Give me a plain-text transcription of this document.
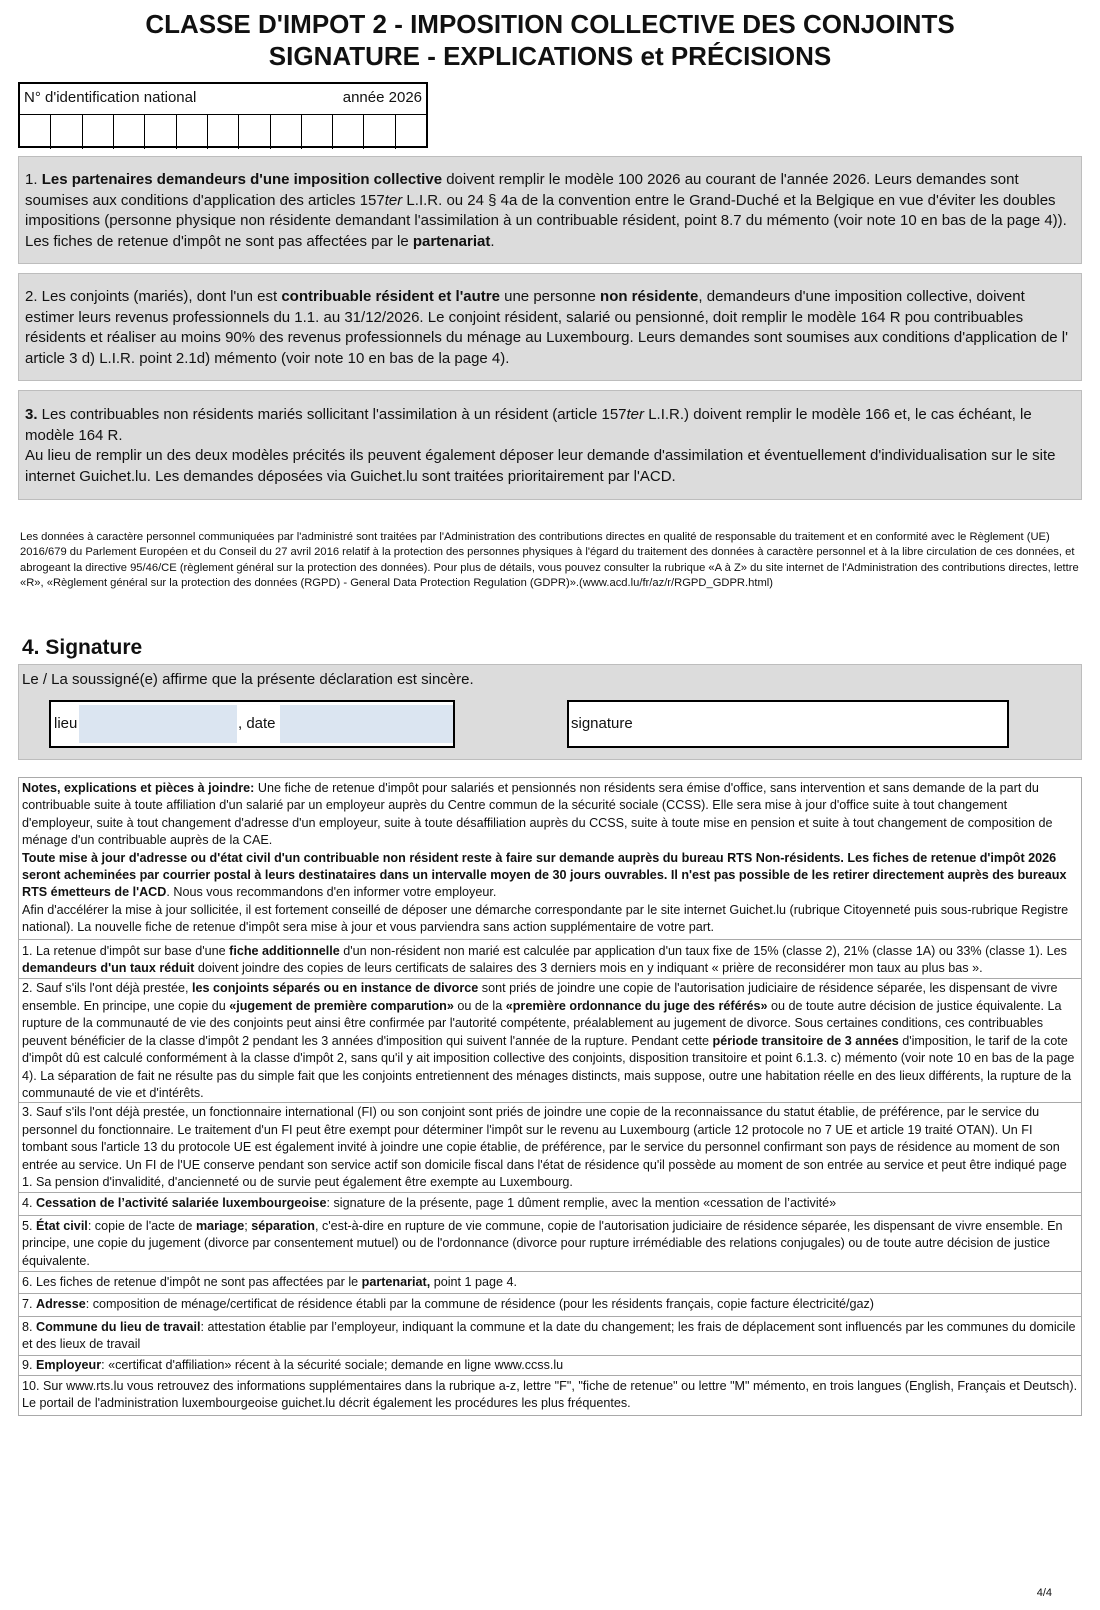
CLASSE D'IMPOT 2 - IMPOSITION COLLECTIVE DES CONJOINTS
SIGNATURE - EXPLICATIONS et PRÉCISIONS
N° d'identification national	année 2026

1. Les partenaires demandeurs d'une imposition collective doivent remplir le modèle 100 2026 au courant de l'année 2026. Leurs demandes sont soumises aux conditions d'application des articles 157ter L.I.R. ou 24 § 4a de la convention entre le Grand-Duché et la Belgique en vue d'éviter les doubles impositions (personne physique non résidente demandant l'assimilation à un contribuable résident, point 8.7 du mémento (voir note 10 en bas de la page 4)). Les fiches de retenue d'impôt ne sont pas affectées par le partenariat.

2. Les conjoints (mariés), dont l'un est contribuable résident et l'autre une personne non résidente, demandeurs d'une imposition collective, doivent estimer leurs revenus professionnels du 1.1. au 31/12/2026. Le conjoint résident, salarié ou pensionné, doit remplir le modèle 164 R pou contribuables résidents et réaliser au moins 90% des revenus professionnels du ménage au Luxembourg. Leurs demandes sont soumises aux conditions d'application de l' article 3 d) L.I.R. point 2.1d) mémento (voir note 10 en bas de la page 4).

3. Les contribuables non résidents mariés sollicitant l'assimilation à un résident (article 157ter L.I.R.) doivent remplir le modèle 166 et, le cas échéant, le modèle 164 R.

Au lieu de remplir un des deux modèles précités ils peuvent également déposer leur demande d'assimilation et éventuellement d'individualisation sur le site internet Guichet.lu. Les demandes déposées via Guichet.lu sont traitées prioritairement par l'ACD.

Les données à caractère personnel communiquées par l'administré sont traitées par l'Administration des contributions directes en qualité de responsable du traitement et en conformité avec le Règlement (UE) 2016/679 du Parlement Européen et du Conseil du 27 avril 2016 relatif à la protection des personnes physiques à l'égard du traitement des données à caractère personnel et à la libre circulation de ces données, et abrogeant la directive 95/46/CE (règlement général sur la protection des données). Pour plus de détails, vous pouvez consulter la rubrique «A à Z» du site internet de l'Administration des contributions directes, lettre «R», «Règlement général sur la protection des données (RGPD) - General Data Protection Regulation (GDPR)».(www.acd.lu/fr/az/r/RGPD_GDPR.html)
4. Signature
Le / La soussigné(e) affirme que la présente déclaration est sincère.
lieu	, date	signature

Notes, explications et pièces à joindre: Une fiche de retenue d'impôt pour salariés et pensionnés non résidents sera émise d'office, sans intervention et sans demande de la part du contribuable suite à toute affiliation d'un salarié par un employeur auprès du Centre commun de la sécurité sociale (CCSS). Elle sera mise à jour d'office suite à tout changement d'employeur, suite à tout changement d'adresse d'un employeur, suite à toute désaffiliation auprès du CCSS, suite à toute mise en pension et suite à tout changement de composition de ménage d'un contribuable auprès de la CAE.

Toute mise à jour d'adresse ou d'état civil d'un contribuable non résident reste à faire sur demande auprès du bureau RTS Non-résidents. Les fiches de retenue d'impôt 2026 seront acheminées par courrier postal à leurs destinataires dans un intervalle moyen de 30 jours ouvrables. Il n'est pas possible de les retirer directement auprès des bureaux RTS émetteurs de l'ACD. Nous vous recommandons d'en informer votre employeur.

Afin d'accélérer la mise à jour sollicitée, il est fortement conseillé de déposer une démarche correspondante par le site internet Guichet.lu (rubrique Citoyenneté puis sous-rubrique Registre national). La nouvelle fiche de retenue d'impôt sera mise à jour et vous parviendra sans action supplémentaire de votre part.

1. La retenue d'impôt sur base d'une fiche additionnelle d'un non-résident non marié est calculée par application d'un taux fixe de 15% (classe 2), 21% (classe 1A) ou 33% (classe 1). Les demandeurs d'un taux réduit doivent joindre des copies de leurs certificats de salaires des 3 derniers mois en y indiquant « prière de reconsidérer mon taux au plus bas ».

2. Sauf s'ils l'ont déjà prestée, les conjoints séparés ou en instance de divorce sont priés de joindre une copie de l'autorisation judiciaire de résidence séparée, les dispensant de vivre ensemble. En principe, une copie du «jugement de première comparution» ou de la «première ordonnance du juge des référés» ou de toute autre décision de justice équivalente. La rupture de la communauté de vie des conjoints peut ainsi être confirmée par l'autorité compétente, préalablement au jugement de divorce. Sous certaines conditions, ces contribuables peuvent bénéficier de la classe d'impôt 2 pendant les 3 années d'imposition qui suivent l'année de la rupture. Pendant cette période transitoire de 3 années d'imposition, le tarif de la cote d'impôt dû est calculé conformément à la classe d'impôt 2, sans qu'il y ait imposition collective des conjoints, disposition transitoire et point 6.1.3. c) mémento (voir note 10 en bas de la page 4). La séparation de fait ne résulte pas du simple fait que les conjoints entretiennent des ménages distincts, mais suppose, outre une habitation réelle en des lieux différents, la rupture de la communauté de vie et d'intérêts.

3. Sauf s'ils l'ont déjà prestée, un fonctionnaire international (FI) ou son conjoint sont priés de joindre une copie de la reconnaissance du statut établie, de préférence, par le service du personnel du fonctionnaire. Le traitement d'un FI peut être exempt pour déterminer l'impôt sur le revenu au Luxembourg (article 12 protocole no 7 UE et article 19 traité OTAN). Un FI tombant sous l'article 13 du protocole UE est également invité à joindre une copie établie, de préférence, par le service du personnel confirmant son pays de résidence au moment de son entrée au service. Un FI de l'UE conserve pendant son service actif son domicile fiscal dans l'état de résidence qu'il possède au moment de son entrée au service et peut être indiqué page 1. Sa pension d'invalidité, d'ancienneté ou de survie peut également être exempte au Luxembourg.

4. Cessation de l’activité salariée luxembourgeoise: signature de la présente, page 1 dûment remplie, avec la mention «cessation de l’activité»

5. État civil: copie de l'acte de mariage; séparation, c'est-à-dire en rupture de vie commune, copie de l'autorisation judiciaire de résidence séparée, les dispensant de vivre ensemble. En principe, une copie du jugement (divorce par consentement mutuel) ou de l'ordonnance (divorce pour rupture irrémédiable des relations conjugales) ou de toute autre décision de justice équivalente.

6. Les fiches de retenue d'impôt ne sont pas affectées par le partenariat, point 1 page 4.

7. Adresse: composition de ménage/certificat de résidence établi par la commune de résidence (pour les résidents français, copie facture électricité/gaz)

8. Commune du lieu de travail: attestation établie par l’employeur, indiquant la commune et la date du changement; les frais de déplacement sont influencés par les communes du domicile et des lieux de travail

9. Employeur: «certificat d'affiliation» récent à la sécurité sociale; demande en ligne www.ccss.lu

10. Sur www.rts.lu vous retrouvez des informations supplémentaires dans la rubrique a-z, lettre "F", "fiche de retenue" ou lettre "M" mémento, en trois langues (English, Français et Deutsch). Le portail de l'administration luxembourgeoise guichet.lu décrit également les procédures les plus fréquentes.

4/4
